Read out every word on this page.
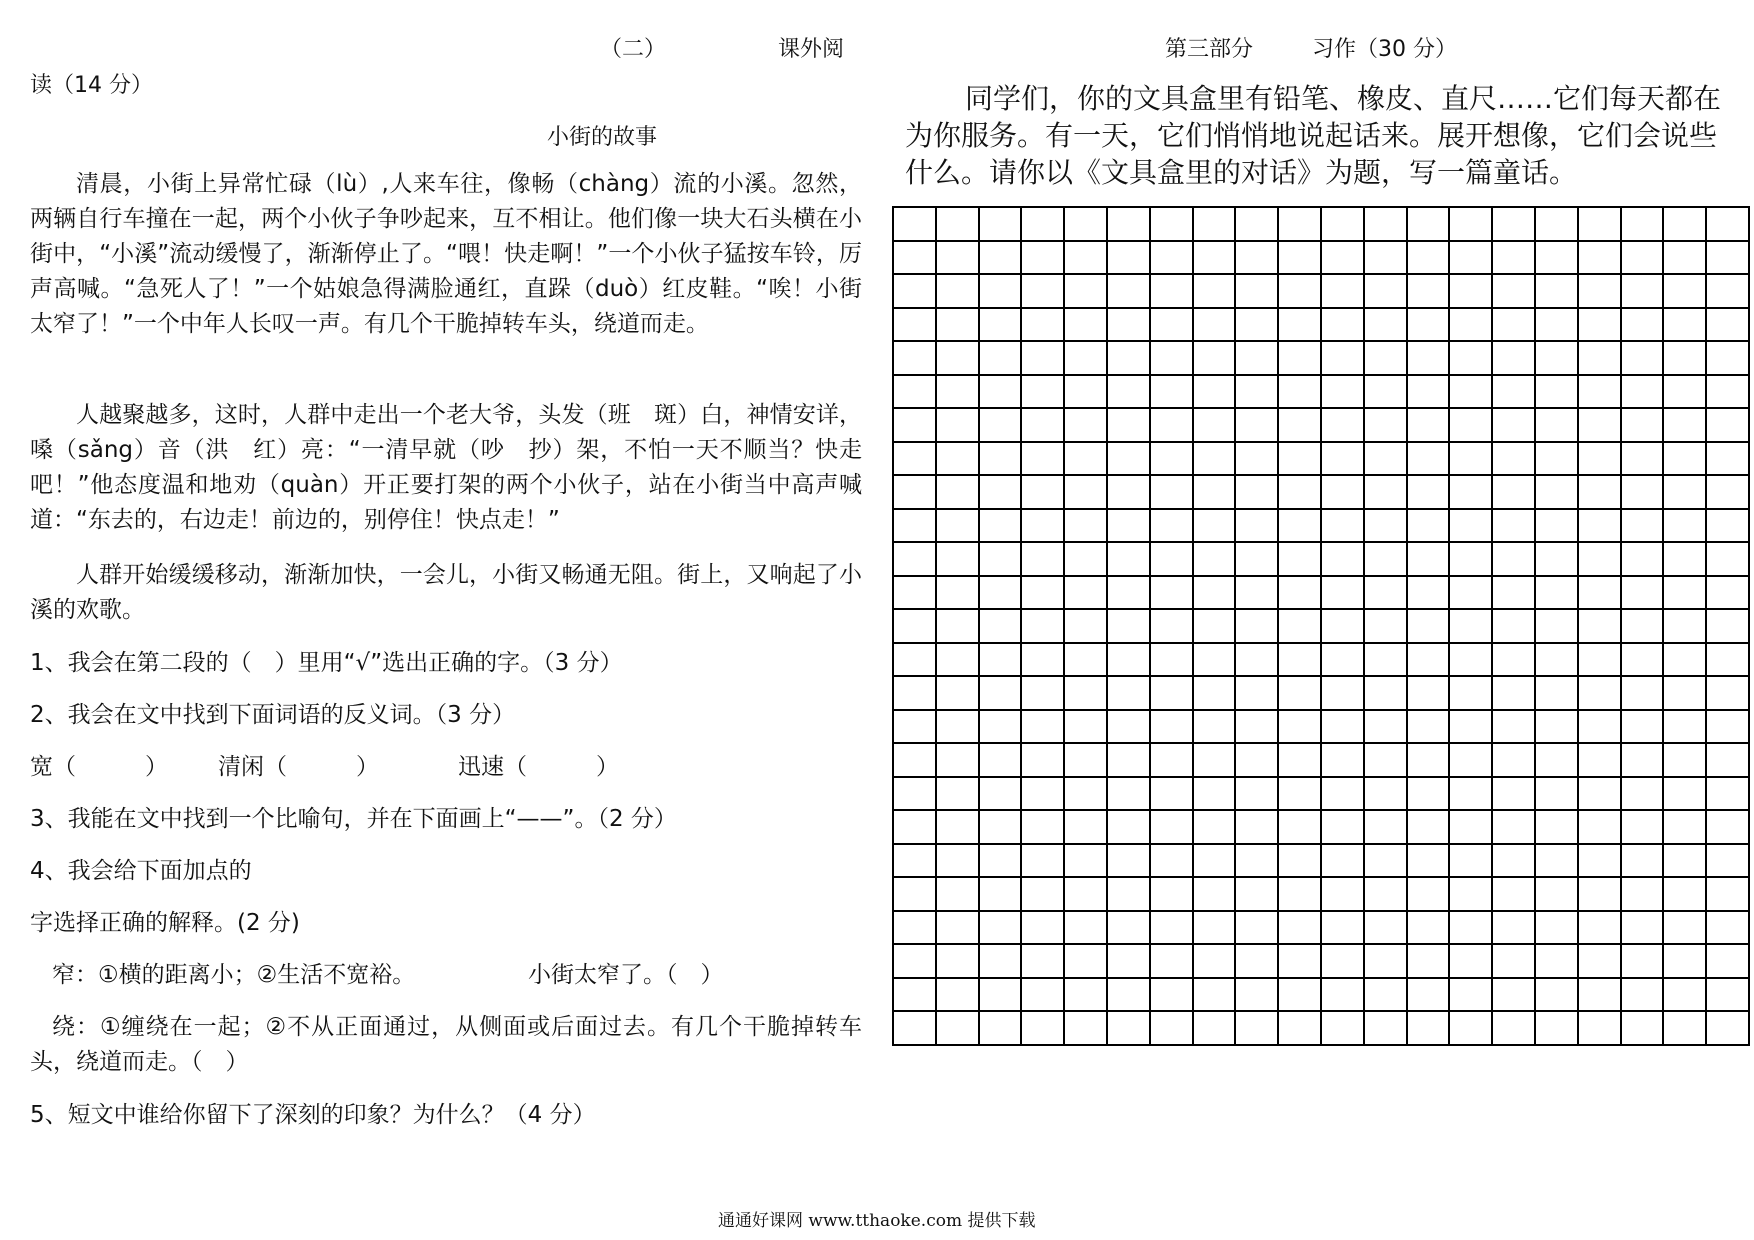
（二）	课外阅
读（14 分）
第三部分	习作（30 分）
小街的故事
清晨，小街上异常忙碌（lù）,人来车往，像畅（chàng）流的小溪。忽然，两辆自行车撞在一起，两个小伙子争吵起来，互不相让。他们像一块大石头横在小街中，“小溪”流动缓慢了，渐渐停止了。“喂！快走啊！”一个小伙子猛按车铃，厉声高喊。“急死人了！”一个姑娘急得满脸通红，直跺（duò）红皮鞋。“唉！小街太窄了！”一个中年人长叹一声。有几个干脆掉转车头，绕道而走。
人越聚越多，这时，人群中走出一个老大爷，头发（班　斑）白，神情安详，嗓（sǎng）音（洪　红）亮：“一清早就（吵　抄）架，不怕一天不顺当？快走吧！”他态度温和地劝（quàn）开正要打架的两个小伙子，站在小街当中高声喊道：“东去的，右边走！前边的，别停住！快点走！”
人群开始缓缓移动，渐渐加快，一会儿，小街又畅通无阻。街上，又响起了小溪的欢歌。
1、我会在第二段的（　）里用“√”选出正确的字。（3 分）
2、我会在文中找到下面词语的反义词。（3 分）
宽（　　　） 清闲（　　　）	迅速（　　　）
3、我能在文中找到一个比喻句，并在下面画上“——”。（2 分）
4、我会给下面加点的
字选择正确的解释。(2 分)
窄：①横的距离小；②生活不宽裕。	小街太窄了。（　）
绕：①缠绕在一起；②不从正面通过，从侧面或后面过去。有几个干脆掉转车头，绕道而走。（　）
5、短文中谁给你留下了深刻的印象？为什么？（4 分）
同学们，你的文具盒里有铅笔、橡皮、直尺……它们每天都在为你服务。有一天，它们悄悄地说起话来。展开想像，它们会说些什么。请你以《文具盒里的对话》为题，写一篇童话。

通通好课网 www.tthaoke.com 提供下载
